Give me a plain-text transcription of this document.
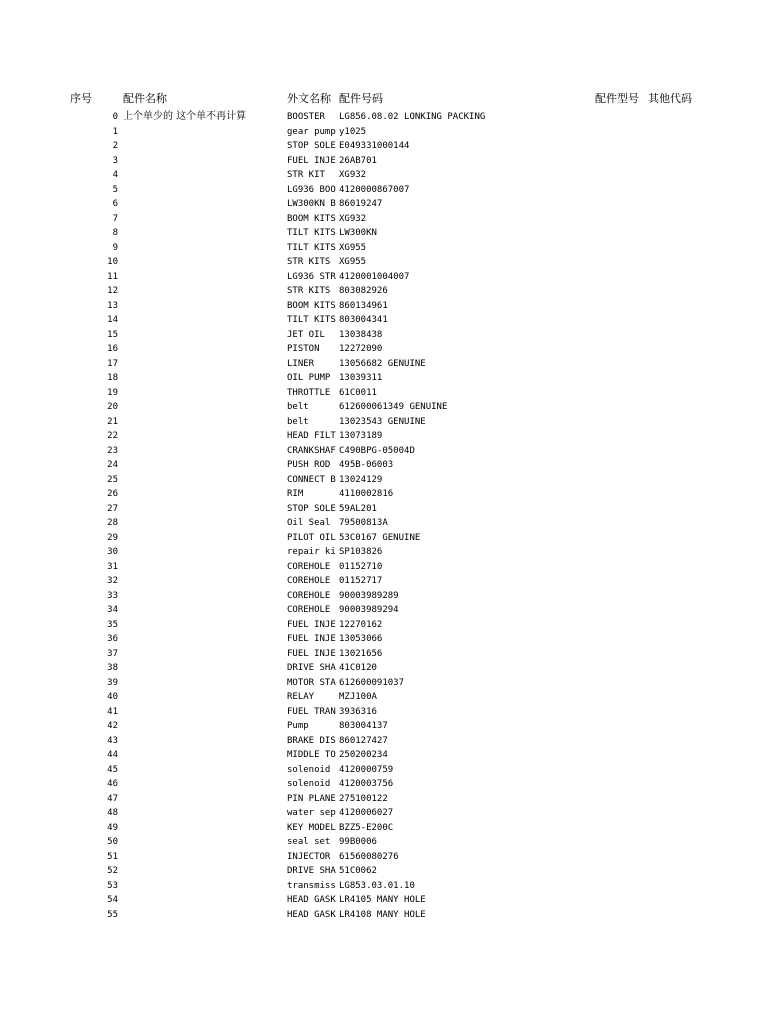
序号	配件名称	外文名称 配件号码	配件型号 其他代码
0 上个单少的 这个单不再计算	BOOSTER	LG856.08.02 LONKING PACKING
1	gear pump y1025
2	STOP SOLE E049331000144
3	FUEL INJE 26AB701
4	STR KIT	XG932
5	LG936 BOO 4120000867007
6	LW300KN B 86019247
7	BOOM KITS XG932
8	TILT KITS LW300KN
9	TILT KITS XG955
10	STR KITS XG955
11	LG936 STR 4120001004007
12	STR KITS 803082926
13	BOOM KITS 860134961
14	TILT KITS 803004341
15	JET OIL	13038438
16	PISTON	12272090
17	LINER	13056682 GENUINE
18	OIL PUMP 13039311
19	THROTTLE 61C0011
20	belt	612600061349 GENUINE
21	belt	13023543 GENUINE
22	HEAD FILT 13073189
23	CRANKSHAF C490BPG-05004D
24	PUSH ROD 495B-06003
25	CONNECT B 13024129
26	RIM	4110002816
27	STOP SOLE 59AL201
28	Oil Seal 79500813A
29	PILOT OIL 53C0167 GENUINE
30	repair ki SP103826
31	COREHOLE 01152710
32	COREHOLE 01152717
33	COREHOLE 90003989289
34	COREHOLE 90003989294
35	FUEL INJE 12270162
36	FUEL INJE 13053066
37	FUEL INJE 13021656
38	DRIVE SHA 41C0120
39	MOTOR STA 612600091037
40	RELAY	MZJ100A
41	FUEL TRAN 3936316
42	Pump	803004137
43	BRAKE DIS 860127427
44	MIDDLE TO 250200234
45	solenoid 4120000759
46	solenoid 4120003756
47	PIN PLANE 275100122
48	water sep 4120006027
49	KEY MODEL BZZ5-E200C
50	seal set 99B0006
51	INJECTOR 61560080276
52	DRIVE SHA 51C0062
53	transmiss LG853.03.01.10
54	HEAD GASK LR4105 MANY HOLE
55	HEAD GASK LR4108 MANY HOLE
